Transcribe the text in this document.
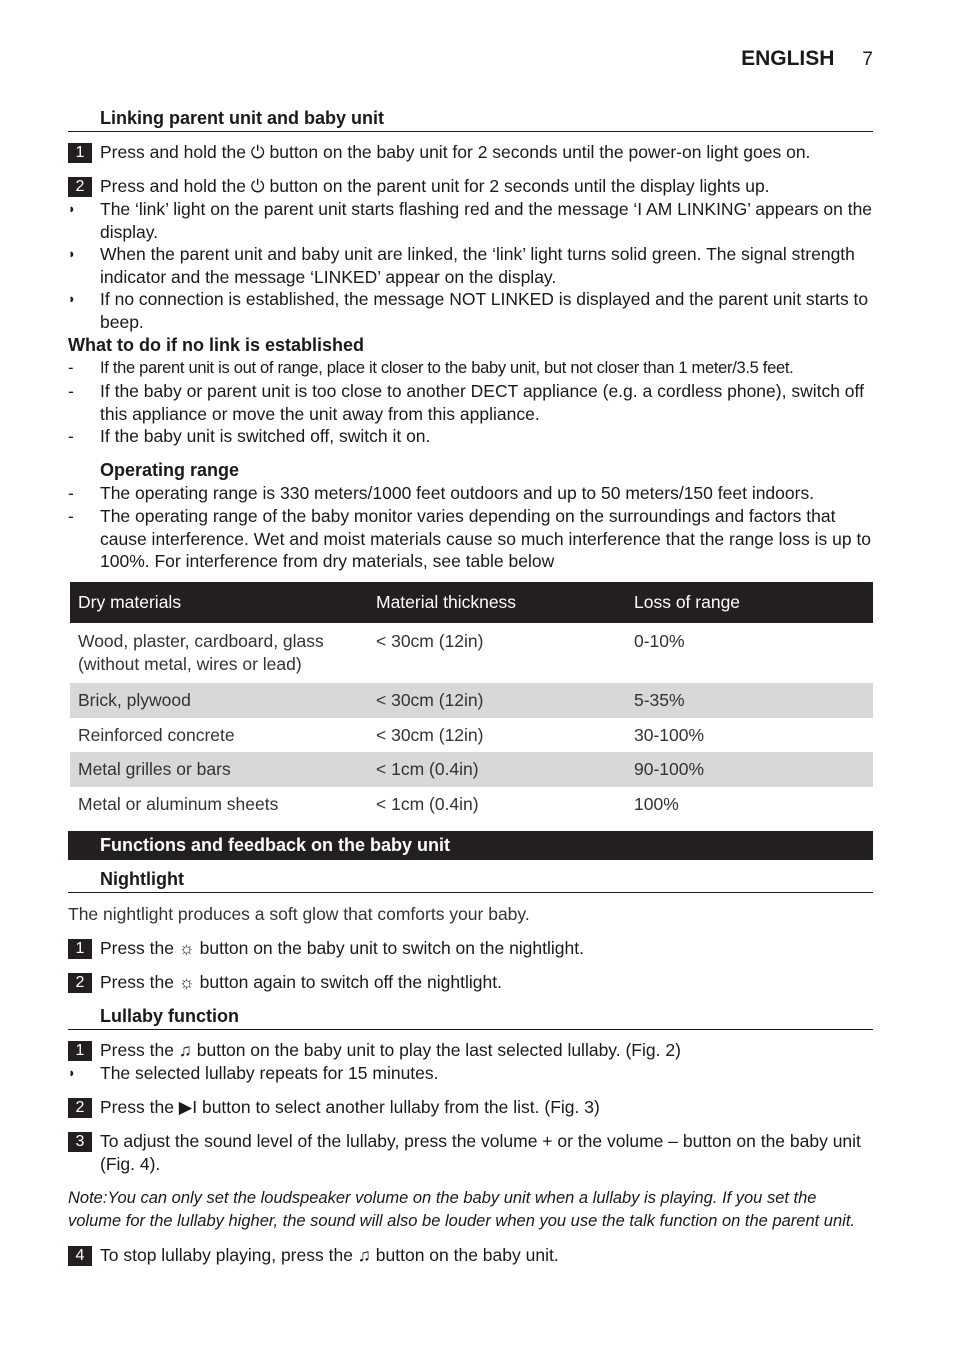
ENGLISH 7
Linking parent unit and baby unit
1 Press and hold the ⏻ button on the baby unit for 2 seconds until the power-on light goes on.
2 Press and hold the ⏻ button on the parent unit for 2 seconds until the display lights up.
◗ The ‘link’ light on the parent unit starts flashing red and the message ‘I AM LINKING’ appears on the display.
◗ When the parent unit and baby unit are linked, the ‘link’ light turns solid green. The signal strength indicator and the message ‘LINKED’ appear on the display.
◗ If no connection is established, the message NOT LINKED is displayed and the parent unit starts to beep.
What to do if no link is established
- If the parent unit is out of range, place it closer to the baby unit, but not closer than 1 meter/3.5 feet.
- If the baby or parent unit is too close to another DECT appliance (e.g. a cordless phone), switch off this appliance or move the unit away from this appliance.
- If the baby unit is switched off, switch it on.
Operating range
- The operating range is 330 meters/1000 feet outdoors and up to 50 meters/150 feet indoors.
- The operating range of the baby monitor varies depending on the surroundings and factors that cause interference. Wet and moist materials cause so much interference that the range loss is up to 100%. For interference from dry materials, see table below
Dry materials	Material thickness	Loss of range
Wood, plaster, cardboard, glass (without metal, wires or lead)	< 30cm (12in)	0-10%
Brick, plywood	< 30cm (12in)	5-35%
Reinforced concrete	< 30cm (12in)	30-100%
Metal grilles or bars	< 1cm (0.4in)	90-100%
Metal or aluminum sheets	< 1cm (0.4in)	100%
Functions and feedback on the baby unit
Nightlight
The nightlight produces a soft glow that comforts your baby.
1 Press the ☼ button on the baby unit to switch on the nightlight.
2 Press the ☼ button again to switch off the nightlight.
Lullaby function
1 Press the ♫ button on the baby unit to play the last selected lullaby. (Fig. 2)
◗ The selected lullaby repeats for 15 minutes.
2 Press the ▶I button to select another lullaby from the list. (Fig. 3)
3 To adjust the sound level of the lullaby, press the volume + or the volume – button on the baby unit (Fig. 4).
Note:You can only set the loudspeaker volume on the baby unit when a lullaby is playing. If you set the volume for the lullaby higher, the sound will also be louder when you use the talk function on the parent unit.
4 To stop lullaby playing, press the ♫ button on the baby unit.
